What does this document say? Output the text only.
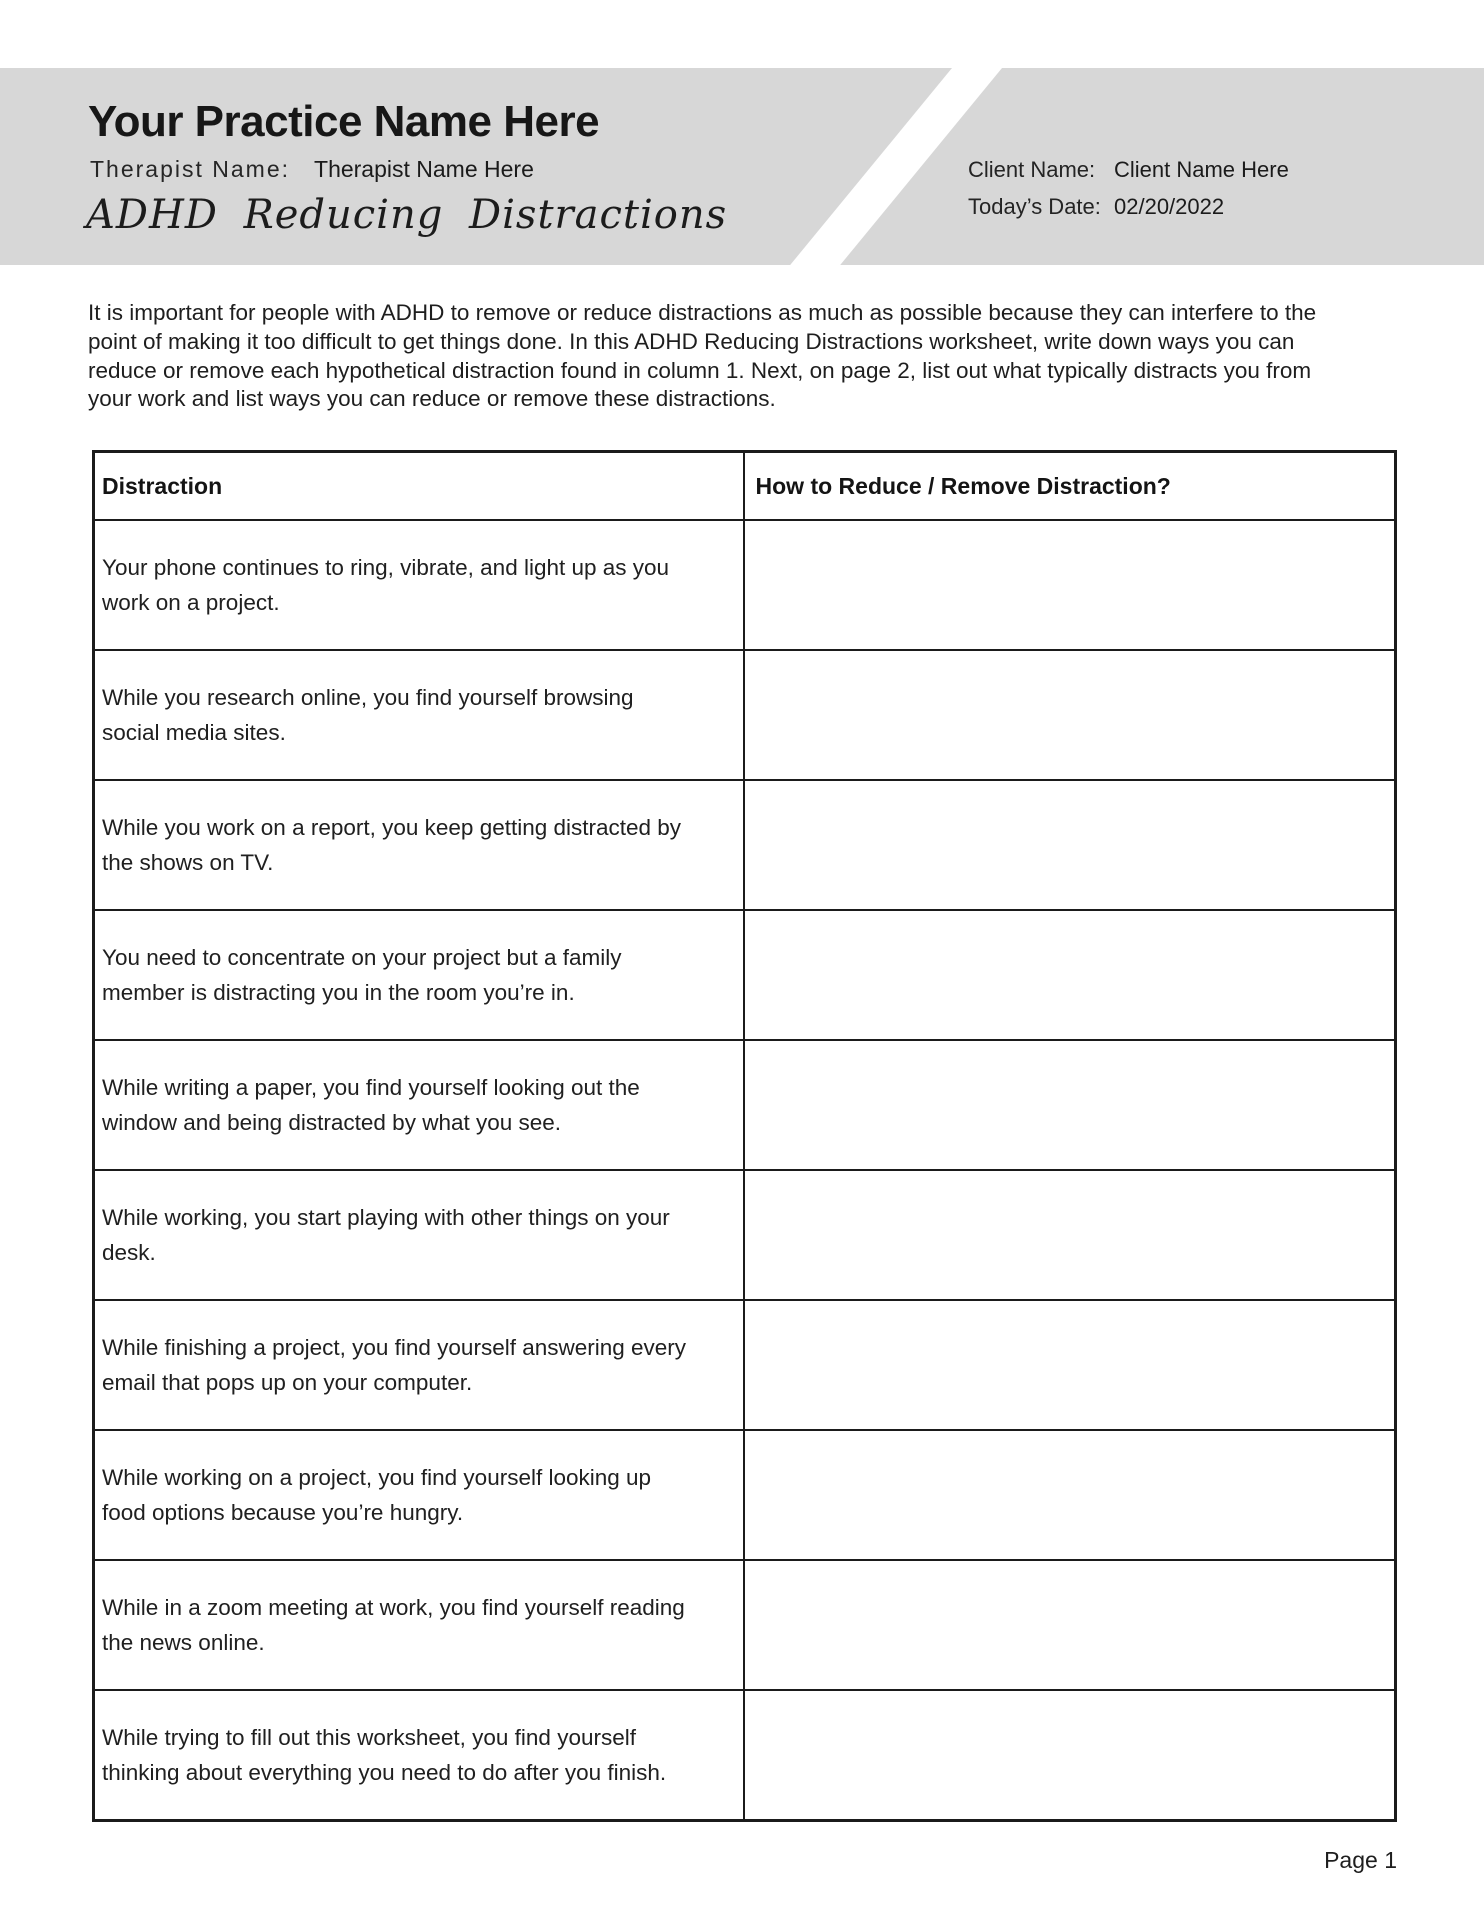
Your Practice Name Here
Therapist Name: Therapist Name Here
ADHD Reducing Distractions
Client Name: Client Name Here
Today’s Date: 02/20/2022
It is important for people with ADHD to remove or reduce distractions as much as possible because they can interfere to the
point of making it too difficult to get things done. In this ADHD Reducing Distractions worksheet, write down ways you can
reduce or remove each hypothetical distraction found in column 1. Next, on page 2, list out what typically distracts you from
your work and list ways you can reduce or remove these distractions.
Distraction	How to Reduce / Remove Distraction?

Your phone continues to ring, vibrate, and light up as you
work on a project.	

While you research online, you find yourself browsing
social media sites.	

While you work on a report, you keep getting distracted by
the shows on TV.	

You need to concentrate on your project but a family
member is distracting you in the room you’re in.	

While writing a paper, you find yourself looking out the
window and being distracted by what you see.	

While working, you start playing with other things on your
desk.	

While finishing a project, you find yourself answering every
email that pops up on your computer.	

While working on a project, you find yourself looking up
food options because you’re hungry.	

While in a zoom meeting at work, you find yourself reading
the news online.	

While trying to fill out this worksheet, you find yourself
thinking about everything you need to do after you finish.	

Page 1
